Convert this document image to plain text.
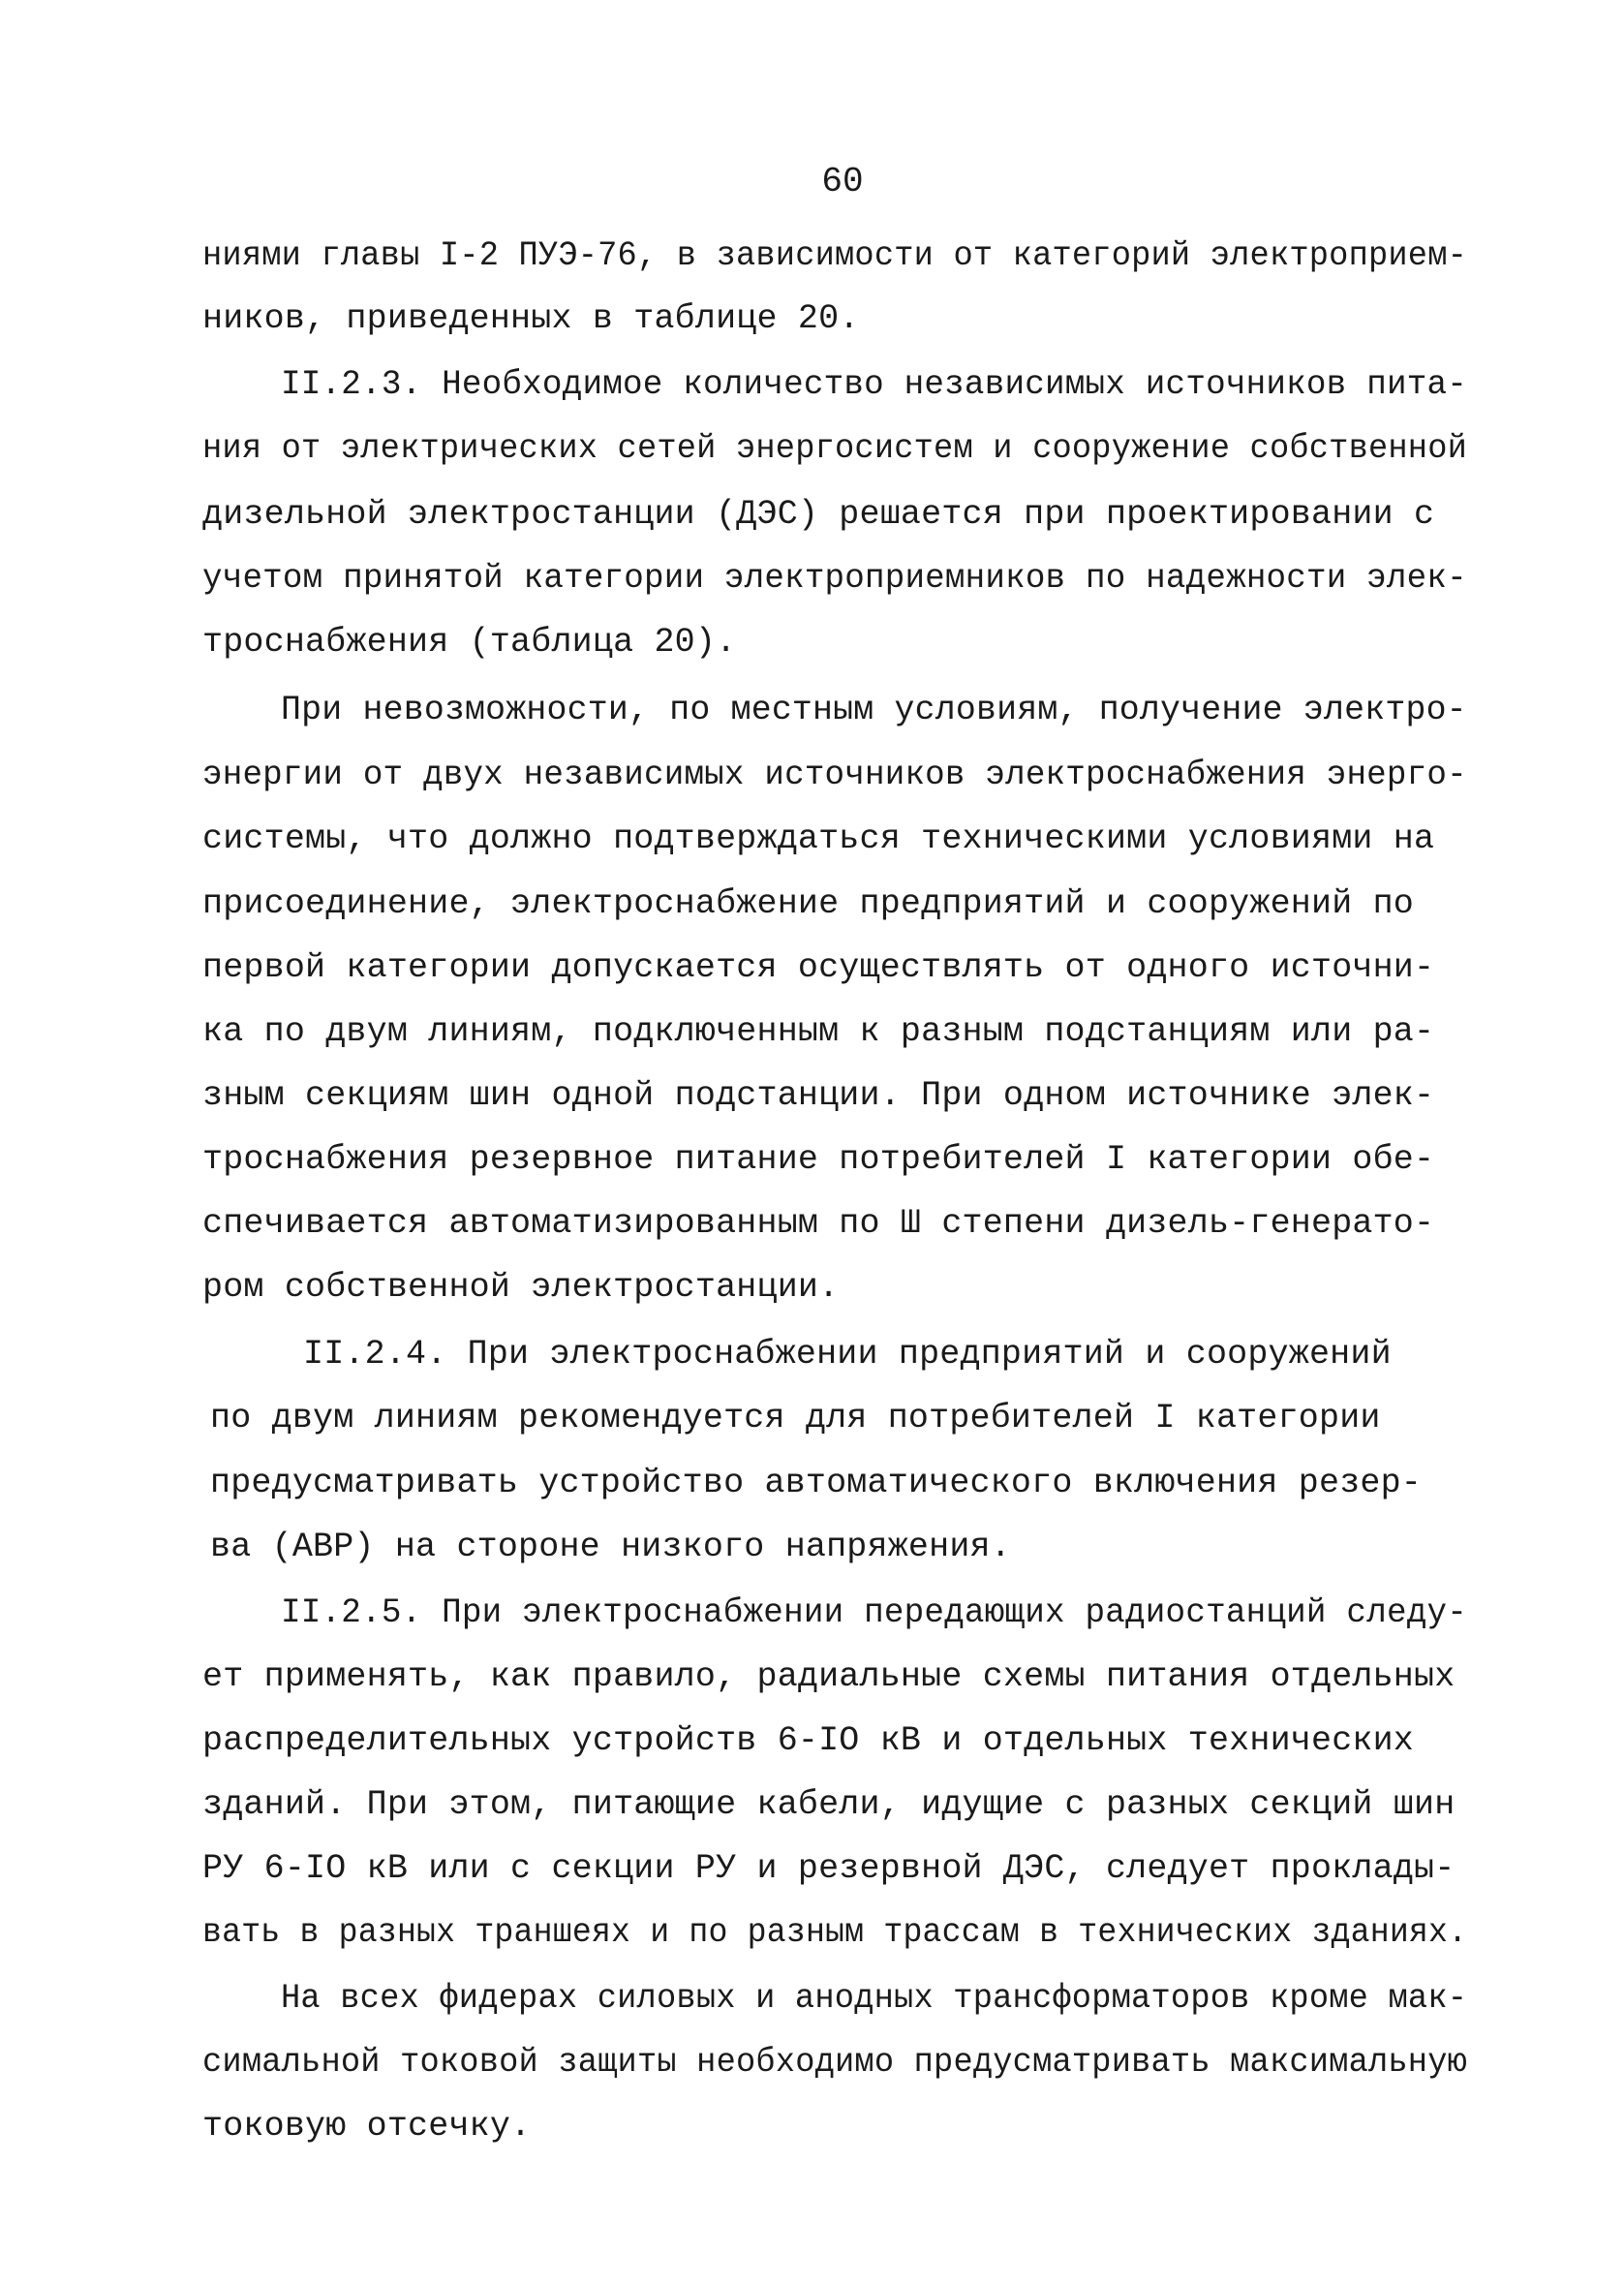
60
ниями главы I-2 ПУЭ-76, в зависимости от категорий электроприем-
ников, приведенных в таблице 20.
II.2.3. Необходимое количество независимых источников пита-
ния от электрических сетей энергосистем и сооружение собственной
дизельной электростанции (ДЭС) решается при проектировании с
учетом принятой категории электроприемников по надежности элек-
троснабжения (таблица 20).
При невозможности, по местным условиям, получение электро-
энергии от двух независимых источников электроснабжения энерго-
системы, что должно подтверждаться техническими условиями на
присоединение, электроснабжение предприятий и сооружений по
первой категории допускается осуществлять от одного источни-
ка по двум линиям, подключенным к разным подстанциям или ра-
зным секциям шин одной подстанции. При одном источнике элек-
троснабжения резервное питание потребителей I категории обе-
спечивается автоматизированным по Ш степени дизель-генерато-
ром собственной электростанции.
II.2.4. При электроснабжении предприятий и сооружений
по двум линиям рекомендуется для потребителей I категории
предусматривать устройство автоматического включения резер-
ва (АВР) на стороне низкого напряжения.
II.2.5. При электроснабжении передающих радиостанций следу-
ет применять, как правило, радиальные схемы питания отдельных
распределительных устройств 6-IO кВ и отдельных технических
зданий. При этом, питающие кабели, идущие с разных секций шин
РУ 6-IO кВ или с секции РУ и резервной ДЭС, следует проклады-
вать в разных траншеях и по разным трассам в технических зданиях.
На всех фидерах силовых и анодных трансформаторов кроме мак-
симальной токовой защиты необходимо предусматривать максимальную
токовую отсечку.
